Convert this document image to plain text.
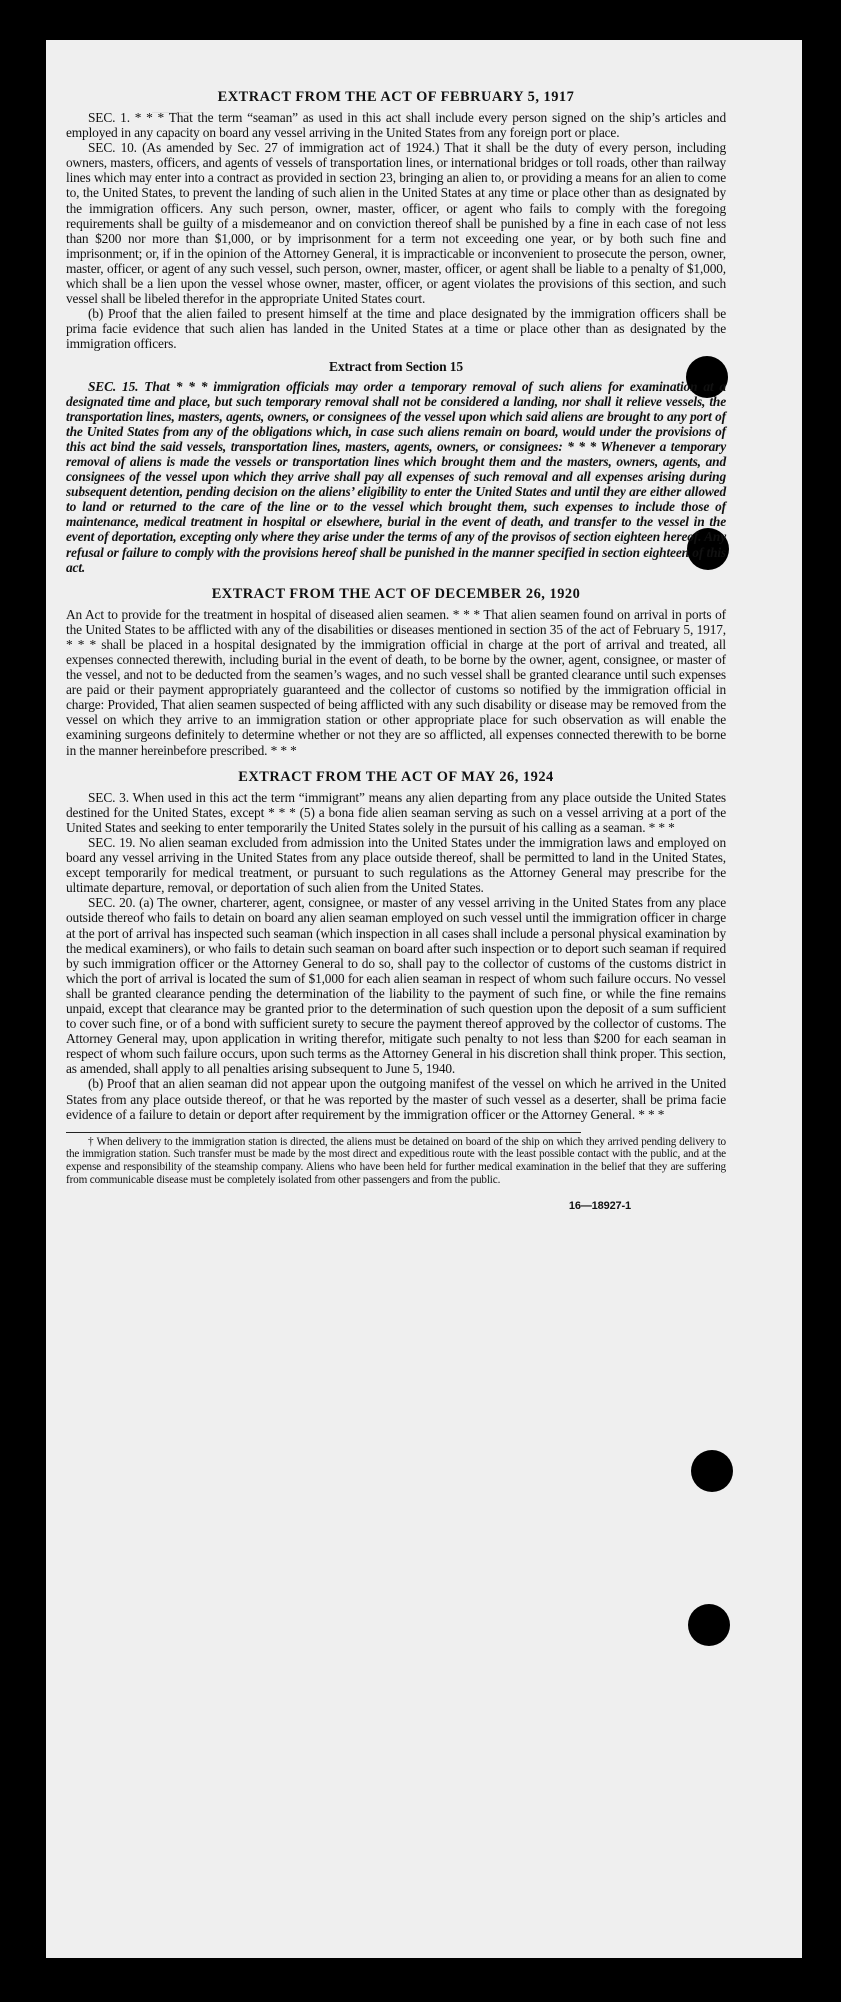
EXTRACT FROM THE ACT OF FEBRUARY 5, 1917

SEC. 1. * * * That the term “seaman” as used in this act shall include every person signed on the ship’s articles and employed in any capacity on board any vessel arriving in the United States from any foreign port or place.

SEC. 10. (As amended by Sec. 27 of immigration act of 1924.) That it shall be the duty of every person, including owners, masters, officers, and agents of vessels of transportation lines, or international bridges or toll roads, other than railway lines which may enter into a contract as provided in section 23, bringing an alien to, or providing a means for an alien to come to, the United States, to prevent the landing of such alien in the United States at any time or place other than as designated by the immigration officers. Any such person, owner, master, officer, or agent who fails to comply with the foregoing requirements shall be guilty of a misdemeanor and on conviction thereof shall be punished by a fine in each case of not less than $200 nor more than $1,000, or by imprisonment for a term not exceeding one year, or by both such fine and imprisonment; or, if in the opinion of the Attorney General, it is impracticable or inconvenient to prosecute the person, owner, master, officer, or agent of any such vessel, such person, owner, master, officer, or agent shall be liable to a penalty of $1,000, which shall be a lien upon the vessel whose owner, master, officer, or agent violates the provisions of this section, and such vessel shall be libeled therefor in the appropriate United States court.

(b) Proof that the alien failed to present himself at the time and place designated by the immigration officers shall be prima facie evidence that such alien has landed in the United States at a time or place other than as designated by the immigration officers.

Extract from Section 15

SEC. 15. That * * * immigration officials may order a temporary removal of such aliens for examination at a designated time and place, but such temporary removal shall not be considered a landing, nor shall it relieve vessels, the transportation lines, masters, agents, owners, or consignees of the vessel upon which said aliens are brought to any port of the United States from any of the obligations which, in case such aliens remain on board, would under the provisions of this act bind the said vessels, transportation lines, masters, agents, owners, or consignees: * * * Whenever a temporary removal of aliens is made the vessels or transportation lines which brought them and the masters, owners, agents, and consignees of the vessel upon which they arrive shall pay all expenses of such removal and all expenses arising during subsequent detention, pending decision on the aliens’ eligibility to enter the United States and until they are either allowed to land or returned to the care of the line or to the vessel which brought them, such expenses to include those of maintenance, medical treatment in hospital or elsewhere, burial in the event of death, and transfer to the vessel in the event of deportation, excepting only where they arise under the terms of any of the provisos of section eighteen hereof. Any refusal or failure to comply with the provisions hereof shall be punished in the manner specified in section eighteen of this act.

EXTRACT FROM THE ACT OF DECEMBER 26, 1920

An Act to provide for the treatment in hospital of diseased alien seamen. * * * That alien seamen found on arrival in ports of the United States to be afflicted with any of the disabilities or diseases mentioned in section 35 of the act of February 5, 1917, * * * shall be placed in a hospital designated by the immigration official in charge at the port of arrival and treated, all expenses connected therewith, including burial in the event of death, to be borne by the owner, agent, consignee, or master of the vessel, and not to be deducted from the seamen’s wages, and no such vessel shall be granted clearance until such expenses are paid or their payment appropriately guaranteed and the collector of customs so notified by the immigration official in charge: Provided, That alien seamen suspected of being afflicted with any such disability or disease may be removed from the vessel on which they arrive to an immigration station or other appropriate place for such observation as will enable the examining surgeons definitely to determine whether or not they are so afflicted, all expenses connected therewith to be borne in the manner hereinbefore prescribed. * * *

EXTRACT FROM THE ACT OF MAY 26, 1924

SEC. 3. When used in this act the term “immigrant” means any alien departing from any place outside the United States destined for the United States, except * * * (5) a bona fide alien seaman serving as such on a vessel arriving at a port of the United States and seeking to enter temporarily the United States solely in the pursuit of his calling as a seaman. * * *

SEC. 19. No alien seaman excluded from admission into the United States under the immigration laws and employed on board any vessel arriving in the United States from any place outside thereof, shall be permitted to land in the United States, except temporarily for medical treatment, or pursuant to such regulations as the Attorney General may prescribe for the ultimate departure, removal, or deportation of such alien from the United States.

SEC. 20. (a) The owner, charterer, agent, consignee, or master of any vessel arriving in the United States from any place outside thereof who fails to detain on board any alien seaman employed on such vessel until the immigration officer in charge at the port of arrival has inspected such seaman (which inspection in all cases shall include a personal physical examination by the medical examiners), or who fails to detain such seaman on board after such inspection or to deport such seaman if required by such immigration officer or the Attorney General to do so, shall pay to the collector of customs of the customs district in which the port of arrival is located the sum of $1,000 for each alien seaman in respect of whom such failure occurs. No vessel shall be granted clearance pending the determination of the liability to the payment of such fine, or while the fine remains unpaid, except that clearance may be granted prior to the determination of such question upon the deposit of a sum sufficient to cover such fine, or of a bond with sufficient surety to secure the payment thereof approved by the collector of customs. The Attorney General may, upon application in writing therefor, mitigate such penalty to not less than $200 for each seaman in respect of whom such failure occurs, upon such terms as the Attorney General in his discretion shall think proper. This section, as amended, shall apply to all penalties arising subsequent to June 5, 1940.

(b) Proof that an alien seaman did not appear upon the outgoing manifest of the vessel on which he arrived in the United States from any place outside thereof, or that he was reported by the master of such vessel as a deserter, shall be prima facie evidence of a failure to detain or deport after requirement by the immigration officer or the Attorney General. * * *

† When delivery to the immigration station is directed, the aliens must be detained on board of the ship on which they arrived pending delivery to the immigration station. Such transfer must be made by the most direct and expeditious route with the least possible contact with the public, and at the expense and responsibility of the steamship company. Aliens who have been held for further medical examination in the belief that they are suffering from communicable disease must be completely isolated from other passengers and from the public.

16—18927-1
